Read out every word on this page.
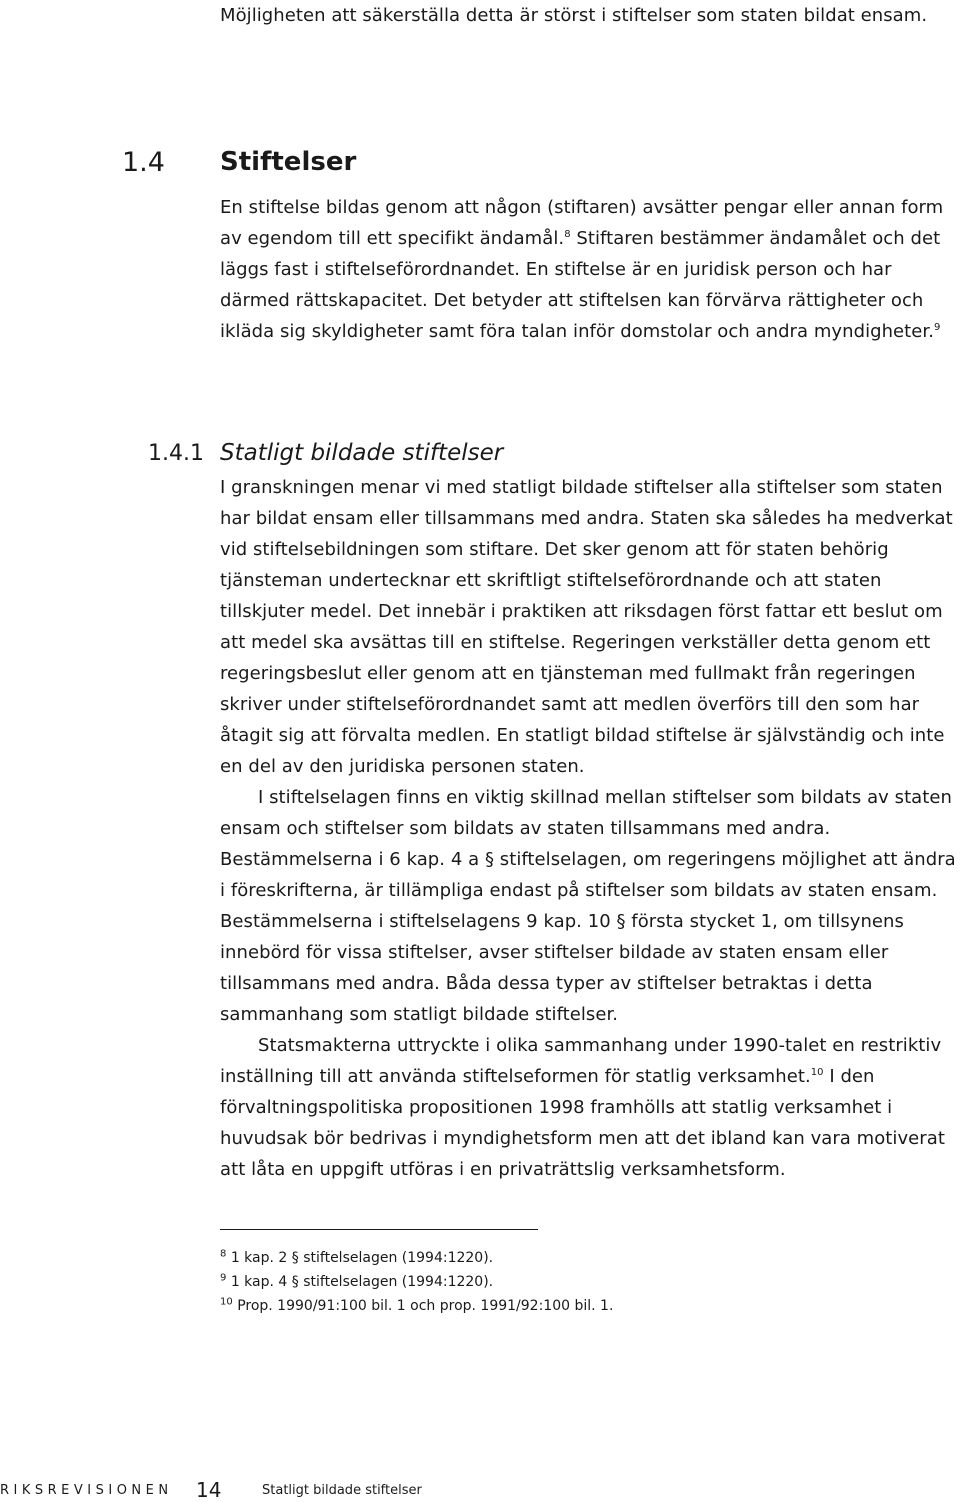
Möjligheten att säkerställa detta är störst i stiftelser som staten bildat ensam.

1.4 Stiftelser

En stiftelse bildas genom att någon (stiftaren) avsätter pengar eller annan form av egendom till ett specifikt ändamål.$^8$ Stiftaren bestämmer ändamålet och det läggs fast i stiftelseförordnandet. En stiftelse är en juridisk person och har därmed rättskapacitet. Det betyder att stiftelsen kan förvärva rättigheter och ikläda sig skyldigheter samt föra talan inför domstolar och andra myndigheter.$^9$

1.4.1 Statligt bildade stiftelser
I granskningen menar vi med statligt bildade stiftelser alla stiftelser som staten har bildat ensam eller tillsammans med andra. Staten ska således ha medverkat vid stiftelsebildningen som stiftare. Det sker genom att för staten behörig tjänsteman undertecknar ett skriftligt stiftelseförordnande och att staten tillskjuter medel. Det innebär i praktiken att riksdagen först fattar ett beslut om att medel ska avsättas till en stiftelse. Regeringen verkställer detta genom ett regeringsbeslut eller genom att en tjänsteman med fullmakt från regeringen skriver under stiftelseförordnandet samt att medlen överförs till den som har åtagit sig att förvalta medlen. En statligt bildad stiftelse är självständig och inte en del av den juridiska personen staten.
I stiftelselagen finns en viktig skillnad mellan stiftelser som bildats av staten ensam och stiftelser som bildats av staten tillsammans med andra. Bestämmelserna i 6 kap. 4 a § stiftelselagen, om regeringens möjlighet att ändra i föreskrifterna, är tillämpliga endast på stiftelser som bildats av staten ensam. Bestämmelserna i stiftelselagens 9 kap. 10 § första stycket 1, om tillsynens innebörd för vissa stiftelser, avser stiftelser bildade av staten ensam eller tillsammans med andra. Båda dessa typer av stiftelser betraktas i detta sammanhang som statligt bildade stiftelser.
Statsmakterna uttryckte i olika sammanhang under 1990-talet en restriktiv inställning till att använda stiftelseformen för statlig verksamhet.$^{10}$ I den förvaltningspolitiska propositionen 1998 framhölls att statlig verksamhet i huvudsak bör bedrivas i myndighetsform men att det ibland kan vara motiverat att låta en uppgift utföras i en privaträttslig verksamhetsform.
$^8$ 1 kap. 2 § stiftelselagen (1994:1220).
$^9$ 1 kap. 4 § stiftelselagen (1994:1220).
$^{10}$ Prop. 1990/91:100 bil. 1 och prop. 1991/92:100 bil. 1.
RIKSREVISIONEN 14	Statligt bildade stiftelser
